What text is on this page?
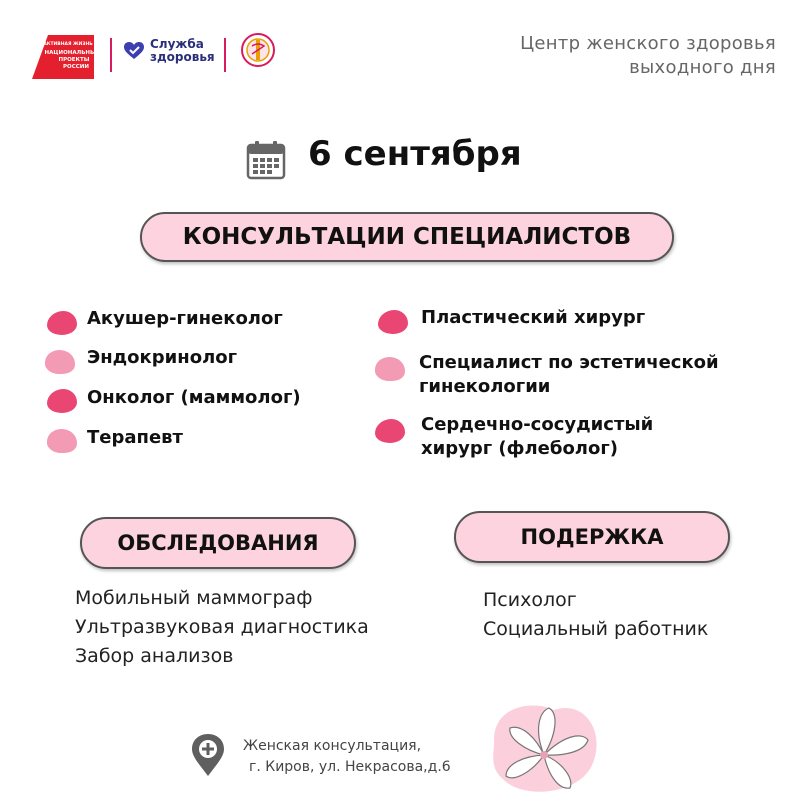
АКТИВНАЯ ЖИЗНЬ
НАЦИОНАЛЬНЫЕ
ПРОЕКТЫ
РОССИИ
Служба
здоровья
Центр женского здоровья
выходного дня
6 сентября
КОНСУЛЬТАЦИИ СПЕЦИАЛИСТОВ
Акушер-гинеколог
Эндокринолог
Онколог (маммолог)
Терапевт
Пластический хирург
Специалист по эстетической
гинекологии
Сердечно-сосудистый
хирург (флеболог)
ОБСЛЕДОВАНИЯ
Мобильный маммограф
Ультразвуковая диагностика
Забор анализов
ПОДЕРЖКА
Психолог
Социальный работник
Женская консультация,
г. Киров, ул. Некрасова,д.6
